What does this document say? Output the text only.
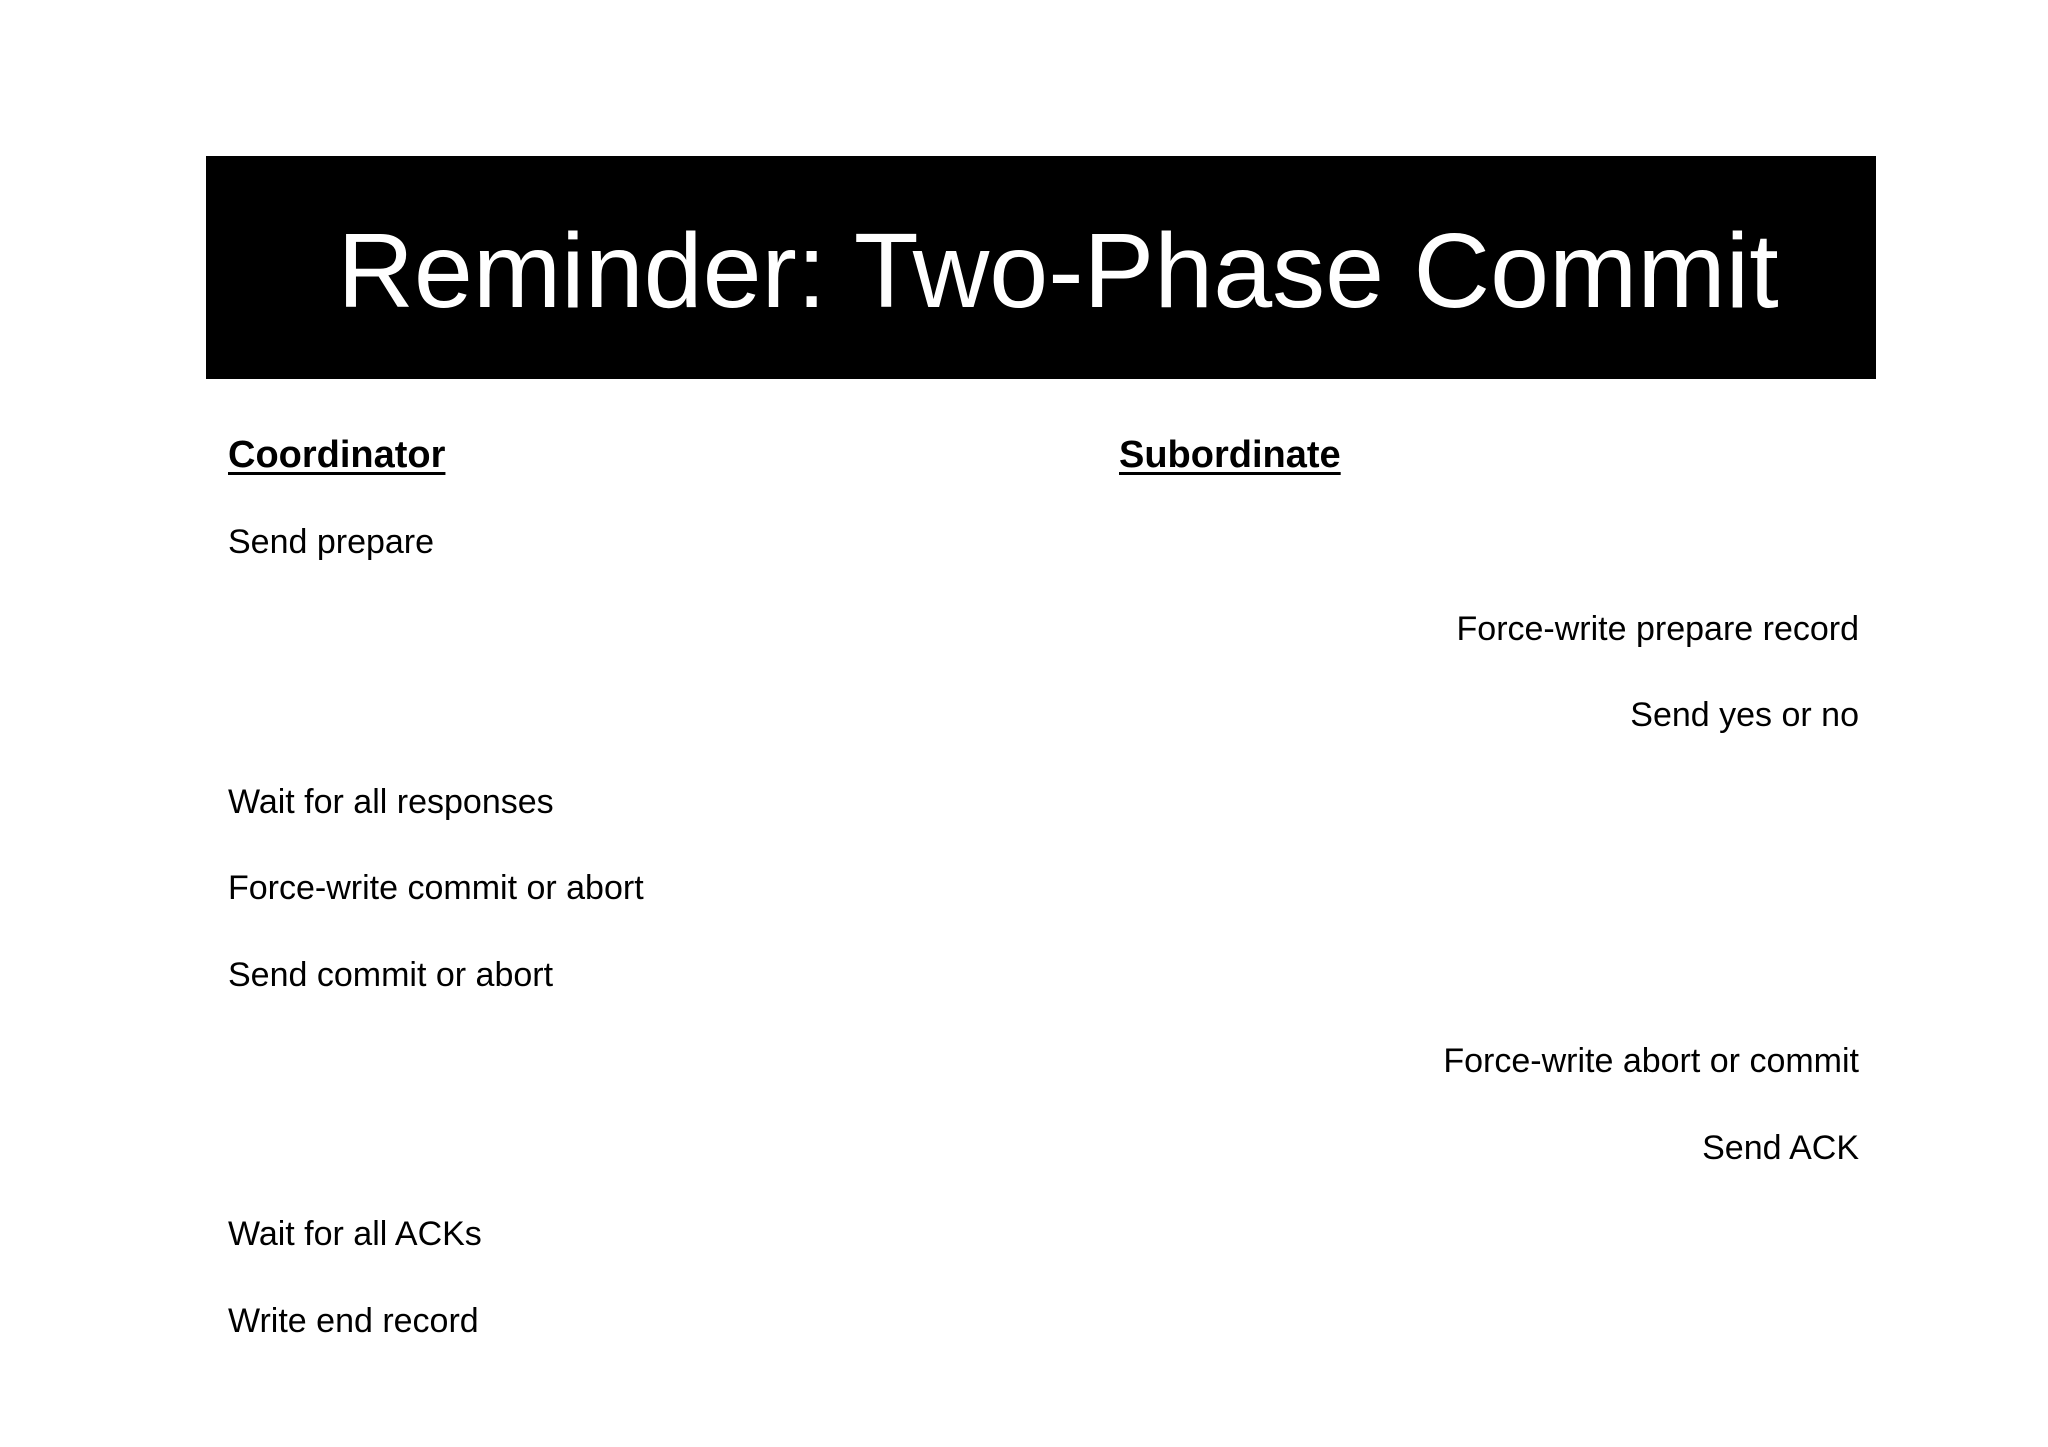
Reminder: Two-Phase Commit
Coordinator	Subordinate
Send prepare
Force-write prepare record
Send yes or no
Wait for all responses
Force-write commit or abort
Send commit or abort
Force-write abort or commit
Send ACK
Wait for all ACKs
Write end record
